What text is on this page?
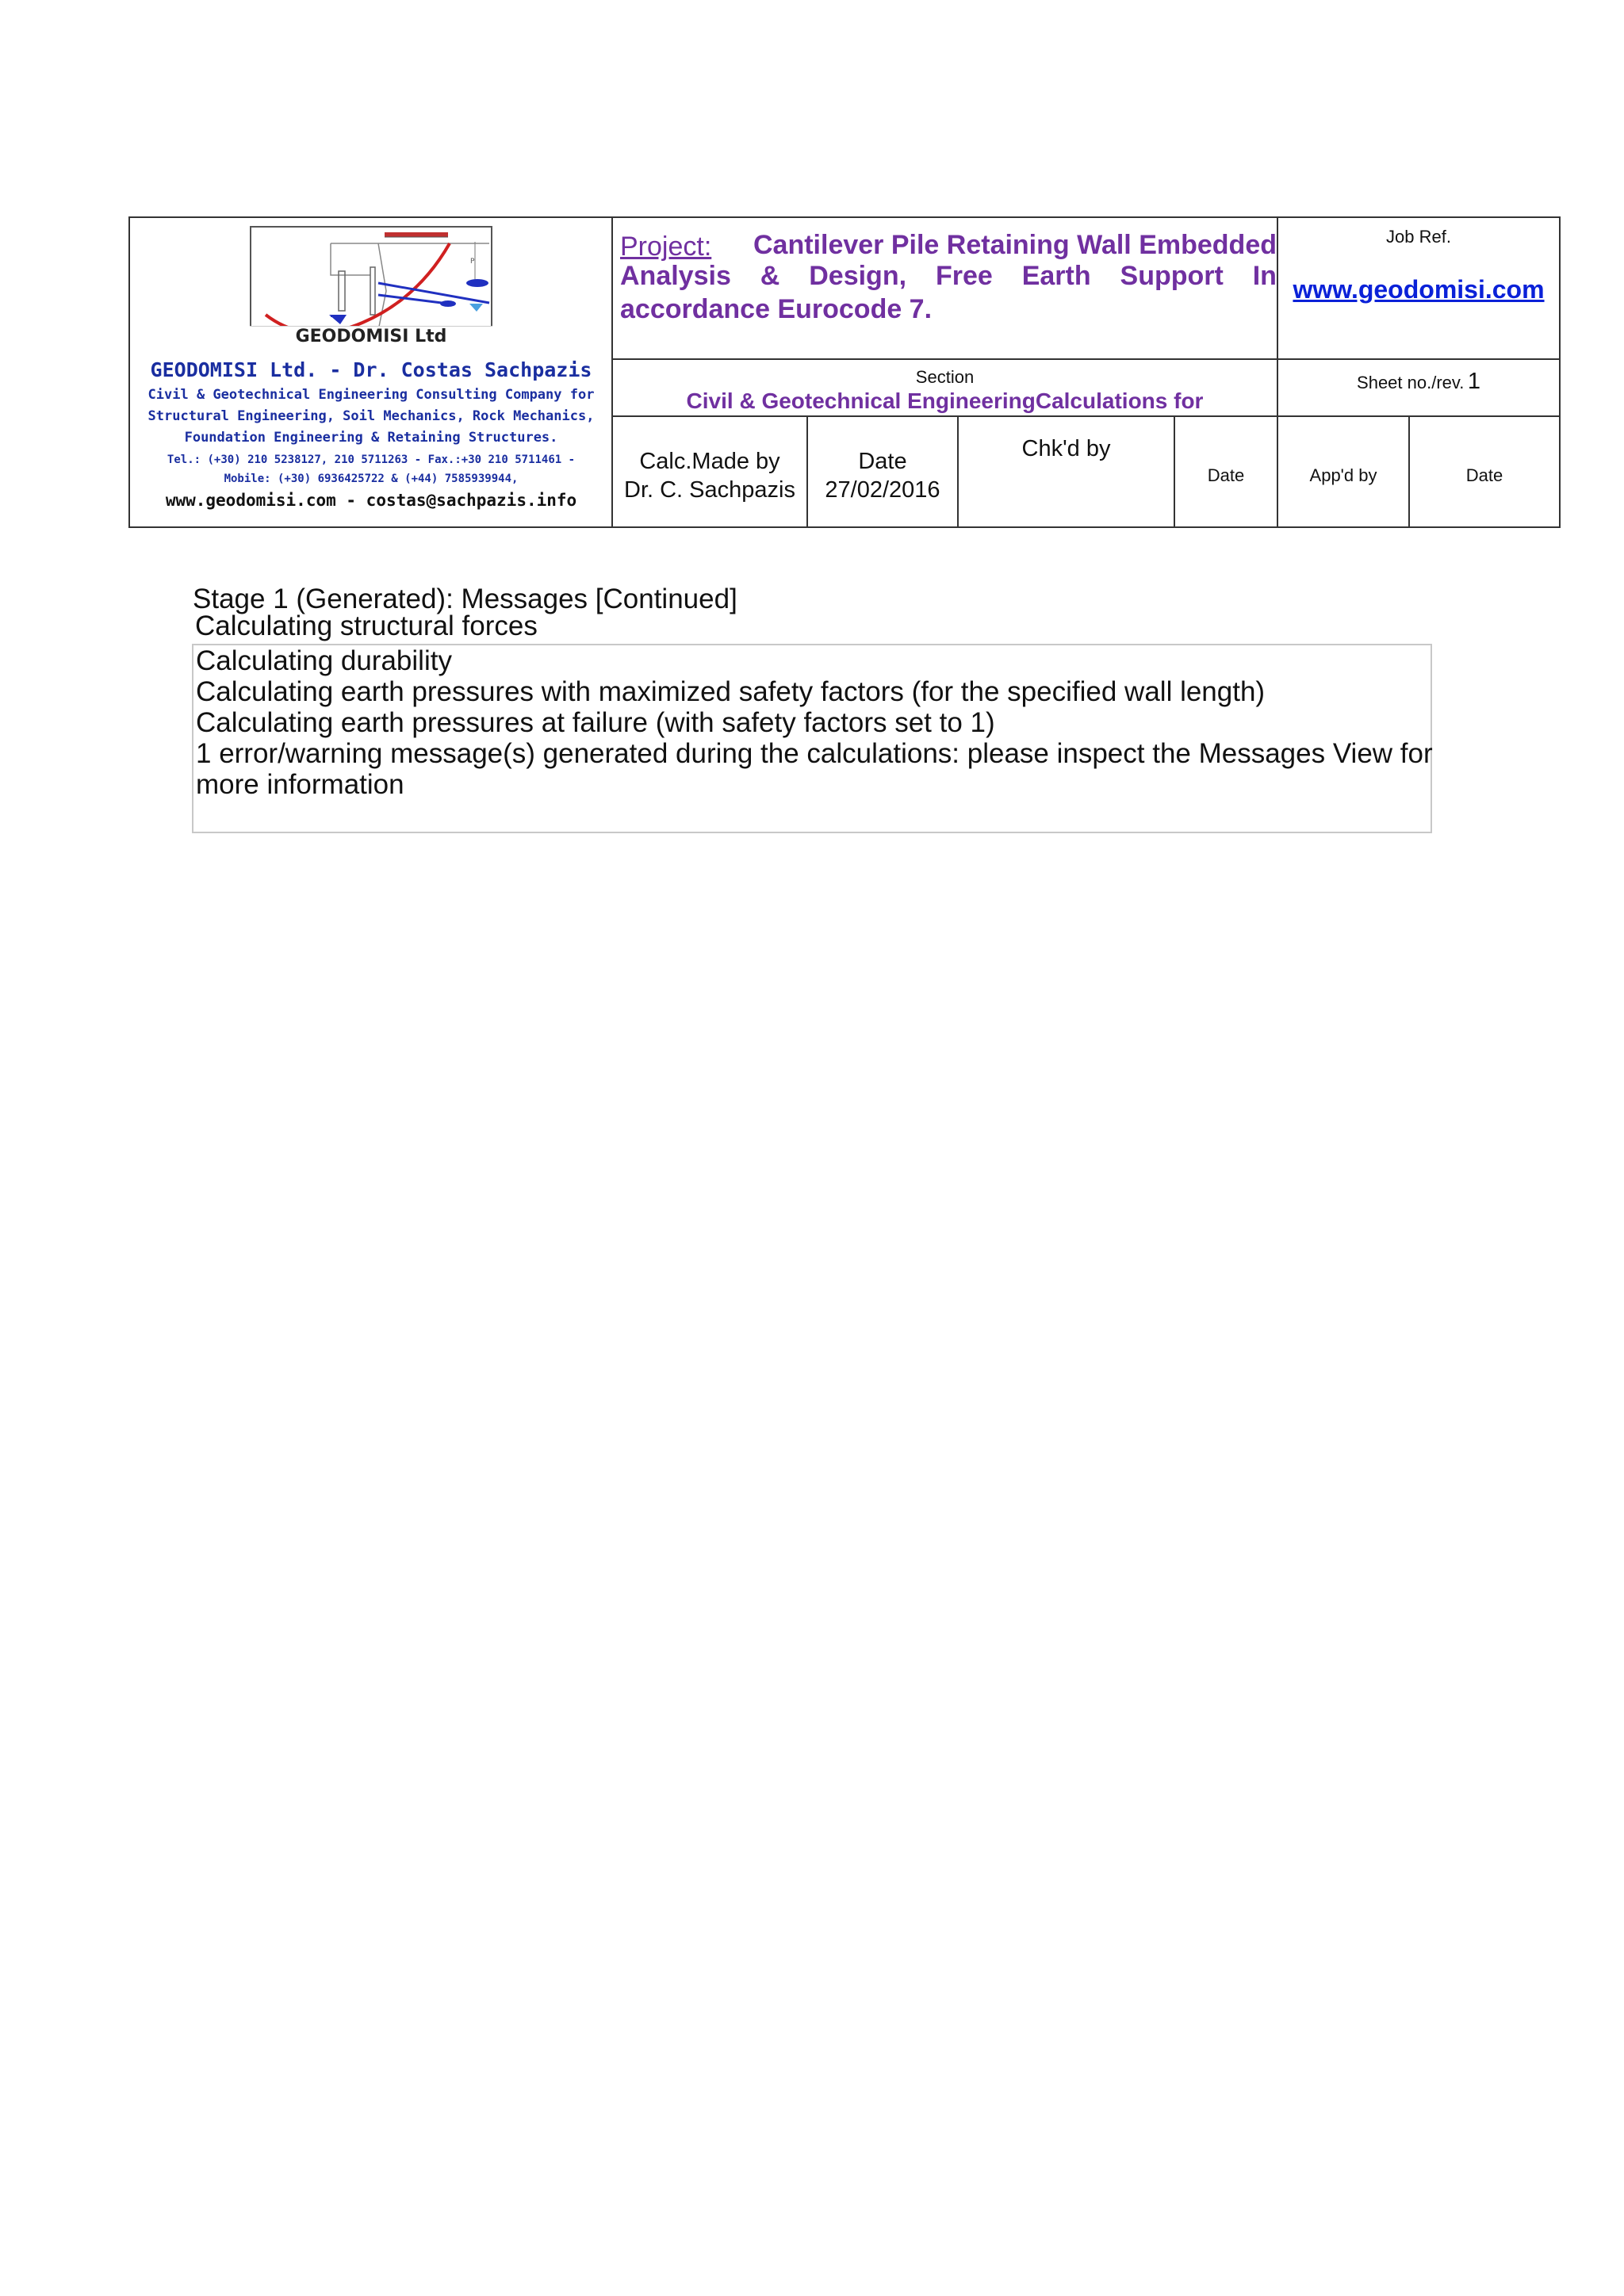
P
GEODOMISI Ltd
GEODOMISI Ltd. - Dr. Costas Sachpazis
Civil & Geotechnical Engineering Consulting Company for
Structural Engineering, Soil Mechanics, Rock Mechanics,
Foundation Engineering & Retaining Structures.
Tel.: (+30) 210 5238127, 210 5711263 - Fax.:+30 210 5711461 -
Mobile: (+30) 6936425722 & (+44) 7585939944,
www.geodomisi.com - costas@sachpazis.info
Project: Cantilever Pile Retaining Wall Embedded
Analysis & Design, Free Earth Support In
accordance Eurocode 7.
Job Ref.
www.geodomisi.com
Section
Civil & Geotechnical EngineeringCalculations for
Sheet no./rev. 1
Calc.Made by
Dr. C. Sachpazis
Date
27/02/2016
Chk'd by
Date	App'd by	Date
Stage 1 (Generated): Messages [Continued]
Calculating structural forces
Calculating durability
Calculating earth pressures with maximized safety factors (for the specified wall length)
Calculating earth pressures at failure (with safety factors set to 1)
1 error/warning message(s) generated during the calculations: please inspect the Messages View for
more information
